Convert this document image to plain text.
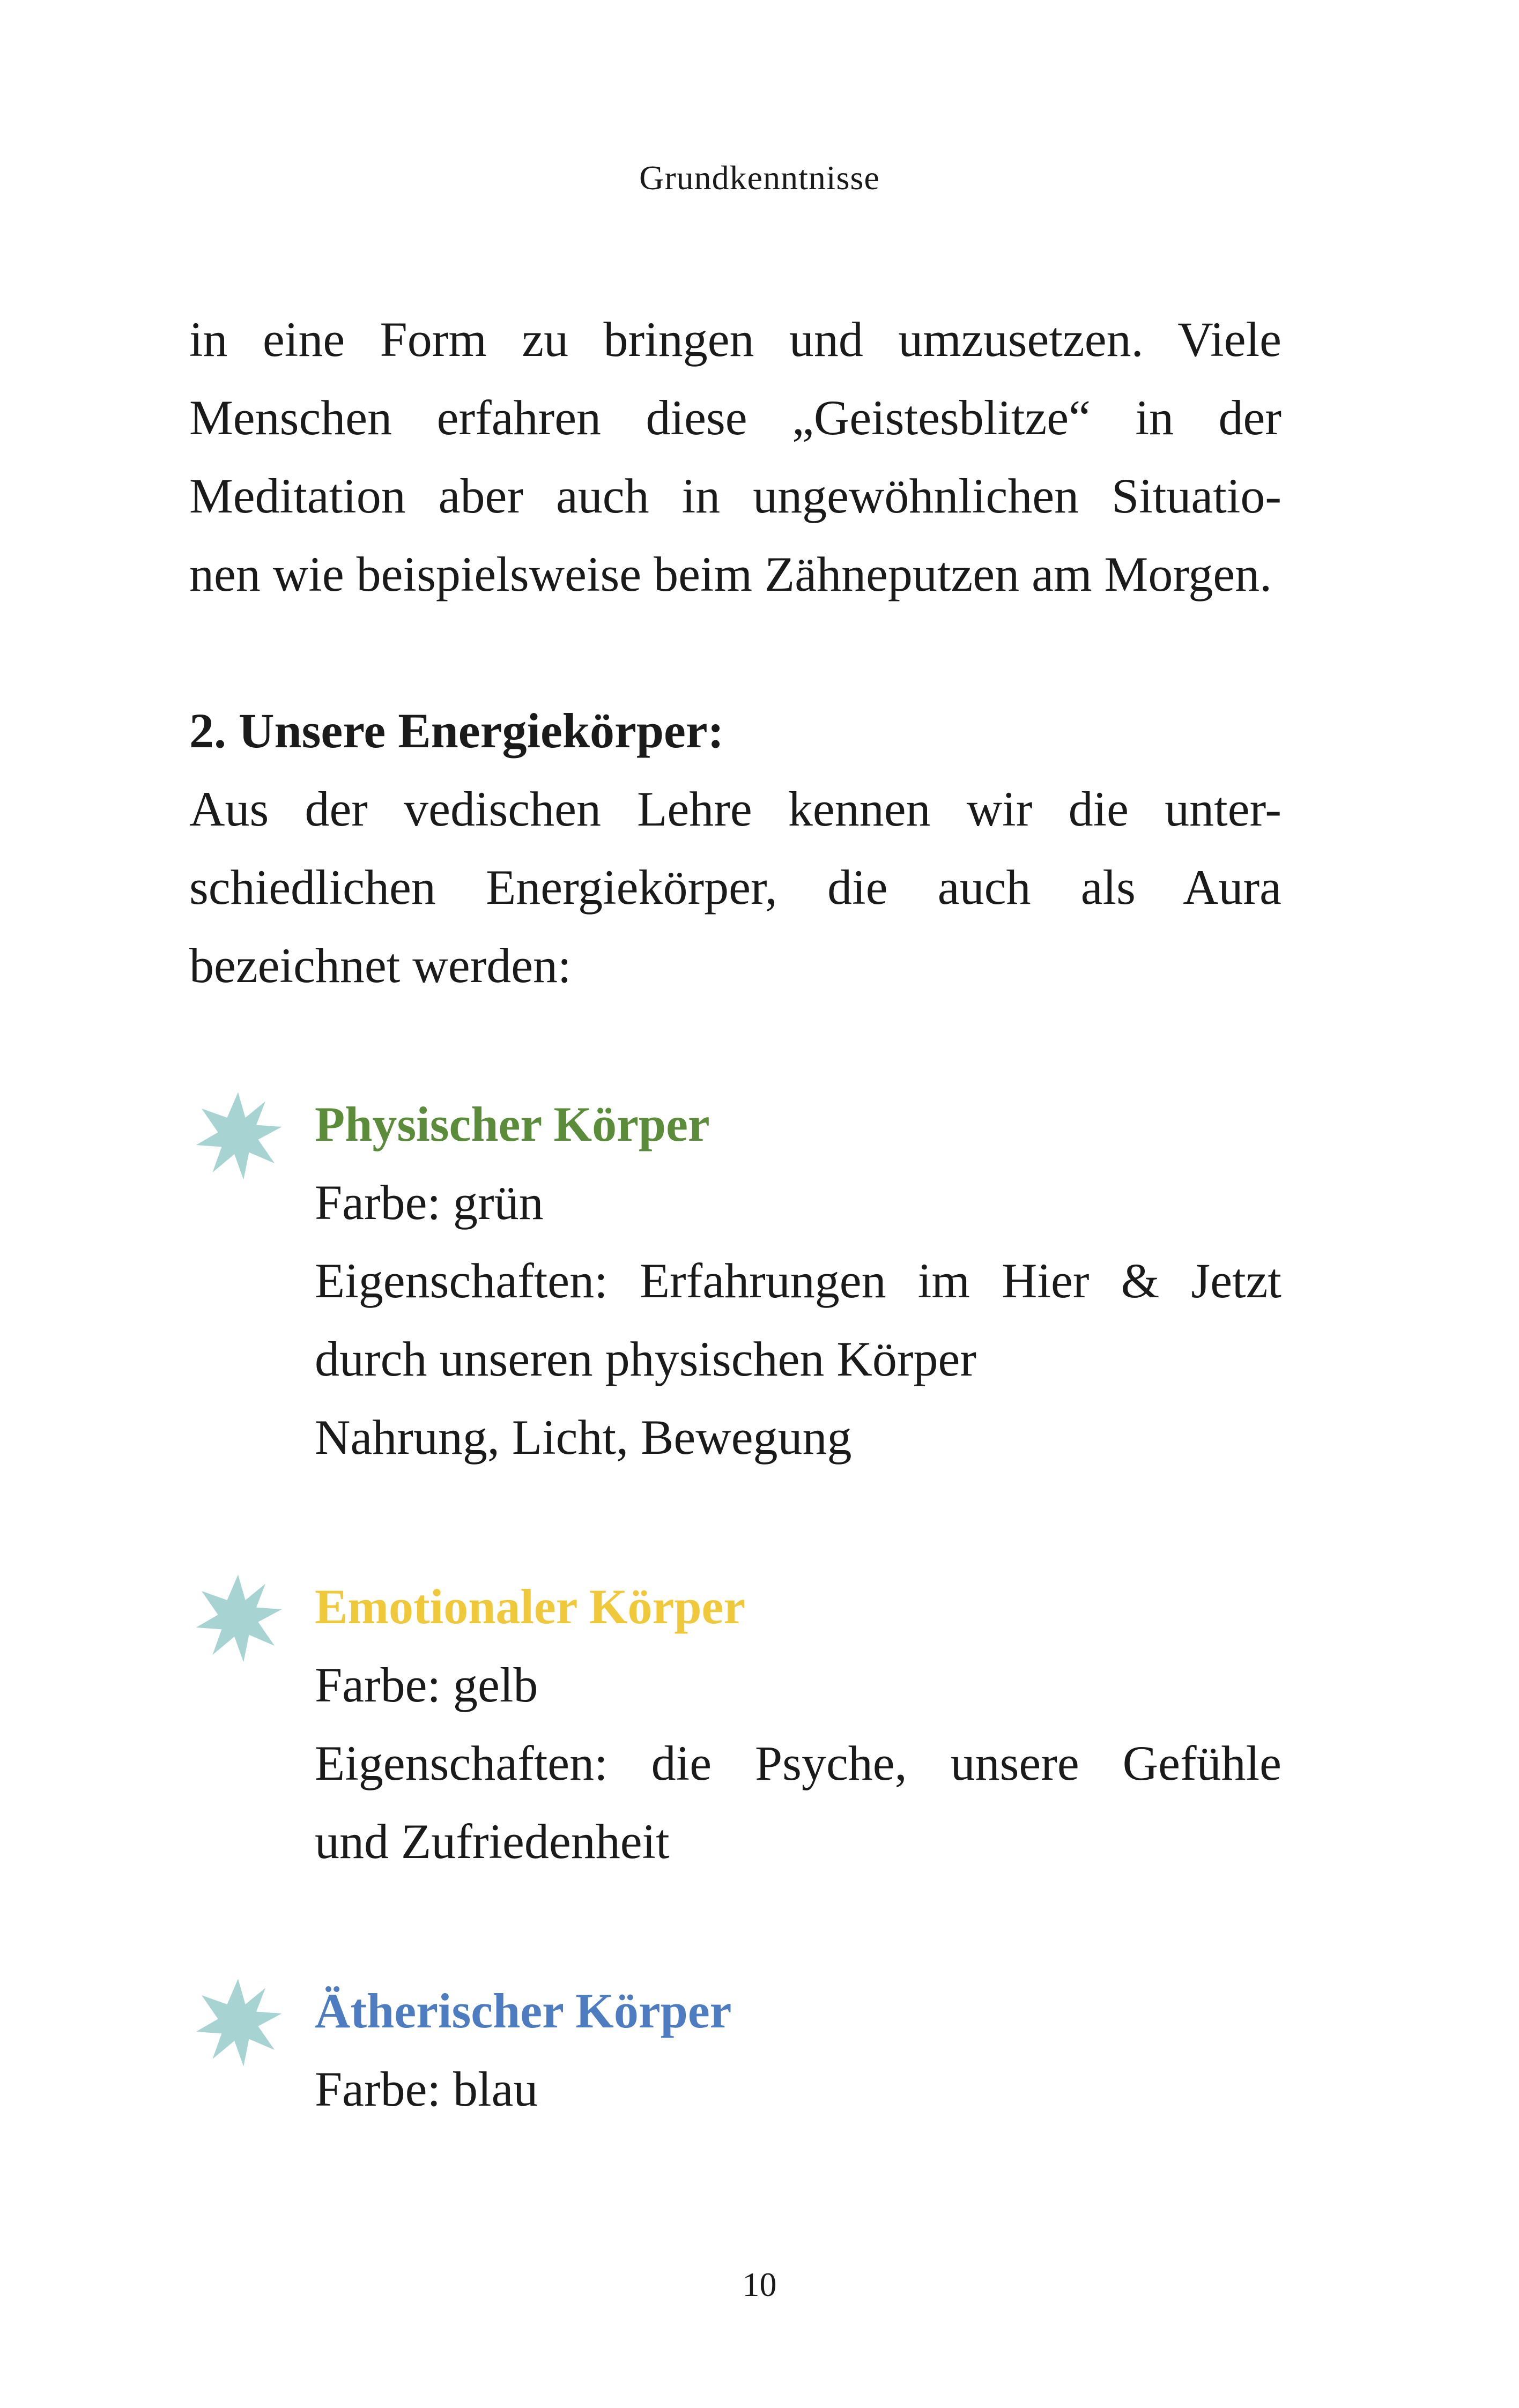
Grundkenntnisse

in eine Form zu bringen und umzusetzen. Viele
Menschen erfahren diese „Geistesblitze“ in der
Meditation aber auch in ungewöhnlichen Situatio-
nen wie beispielsweise beim Zähneputzen am Morgen.

2. Unsere Energiekörper:

Aus der vedischen Lehre kennen wir die unter-
schiedlichen Energiekörper, die auch als Aura
bezeichnet werden:

Physischer Körper
Farbe: grün
Eigenschaften: Erfahrungen im Hier & Jetzt
durch unseren physischen Körper
Nahrung, Licht, Bewegung
Emotionaler Körper
Farbe: gelb
Eigenschaften: die Psyche, unsere Gefühle
und Zufriedenheit
Ätherischer Körper
Farbe: blau
10
